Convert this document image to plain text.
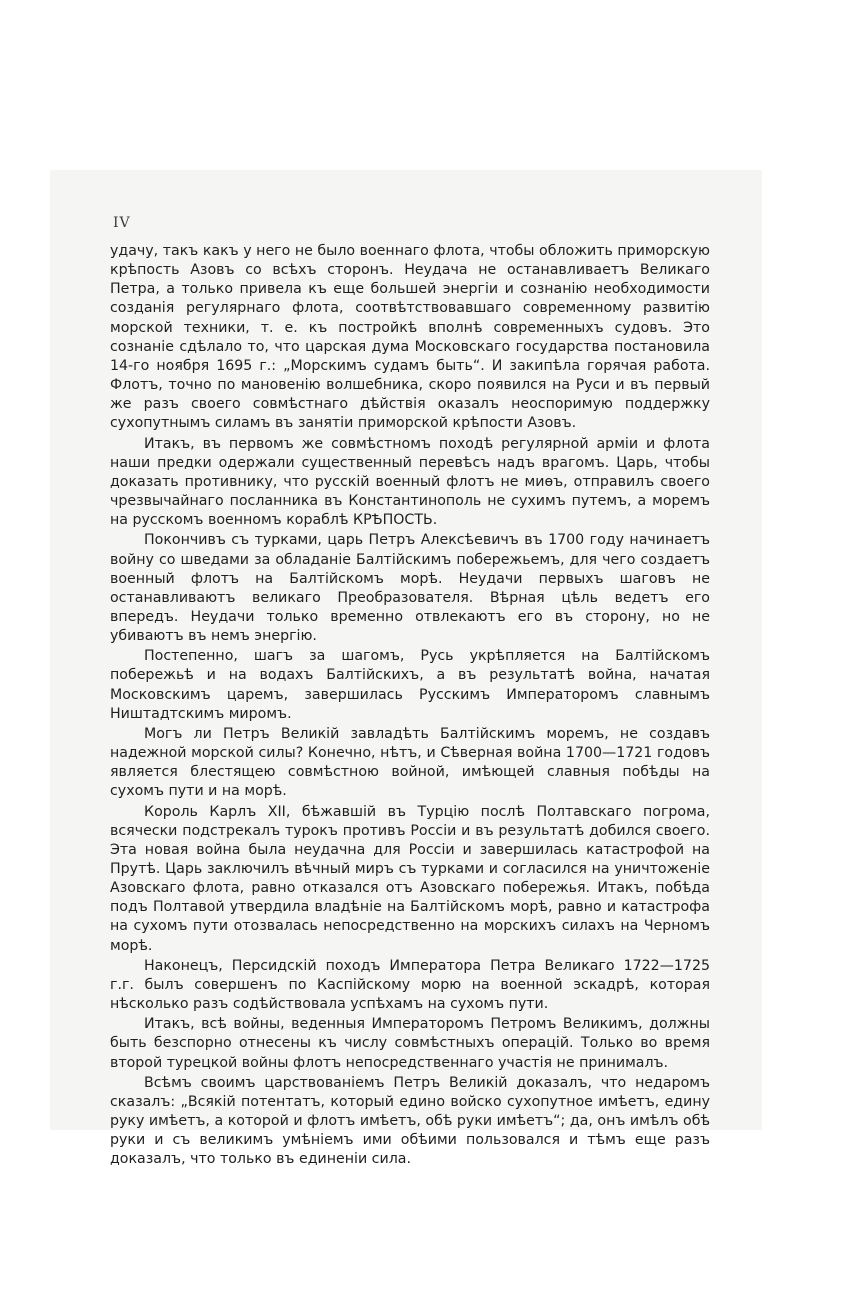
IV

удачу, такъ какъ у него не было военнаго флота, чтобы обложить приморскую крѣпость Азовъ со всѣхъ сторонъ. Неудача не останавливаетъ Великаго Петра, а только привела къ еще большей энергіи и сознанію необходимости созданія регулярнаго флота, соотвѣтствовавшаго современному развитію морской техники, т. е. къ постройкѣ вполнѣ современныхъ судовъ. Это сознаніе сдѣлало то, что царская дума Московскаго государства постановила 14-го ноября 1695 г.: „Морскимъ судамъ быть“. И закипѣла горячая работа. Флотъ, точно по мановенію волшебника, скоро появился на Руси и въ первый же разъ своего совмѣстнаго дѣйствія оказалъ неоспоримую поддержку сухопутнымъ силамъ въ занятіи приморской крѣпости Азовъ.

Итакъ, въ первомъ же совмѣстномъ походѣ регулярной арміи и флота наши предки одержали существенный перевѣсъ надъ врагомъ. Царь, чтобы доказать противнику, что русскій военный флотъ не миѳъ, отправилъ своего чрезвычайнаго посланника въ Константинополь не сухимъ путемъ, а моремъ на русскомъ военномъ кораблѣ КРѢПОСТЬ.

Покончивъ съ турками, царь Петръ Алексѣевичъ въ 1700 году начинаетъ войну со шведами за обладаніе Балтійскимъ побережьемъ, для чего создаетъ военный флотъ на Балтійскомъ морѣ. Неудачи первыхъ шаговъ не останавливаютъ великаго Преобразователя. Вѣрная цѣль ведетъ его впередъ. Неудачи только временно отвлекаютъ его въ сторону, но не убиваютъ въ немъ энергію.

Постепенно, шагъ за шагомъ, Русь укрѣпляется на Балтійскомъ побережьѣ и на водахъ Балтійскихъ, а въ результатѣ война, начатая Московскимъ царемъ, завершилась Русскимъ Императоромъ славнымъ Ништадтскимъ миромъ.

Могъ ли Петръ Великій завладѣть Балтійскимъ моремъ, не создавъ надежной морской силы? Конечно, нѣтъ, и Сѣверная война 1700—1721 годовъ является блестящею совмѣстною войной, имѣющей славныя побѣды на сухомъ пути и на морѣ.

Король Карлъ XII, бѣжавшій въ Турцію послѣ Полтавскаго погрома, всячески подстрекалъ турокъ противъ Россіи и въ результатѣ добился своего. Эта новая война была неудачна для Россіи и завершилась катастрофой на Прутѣ. Царь заключилъ вѣчный миръ съ турками и согласился на уничтоженіе Азовскаго флота, равно отказался отъ Азовскаго побережья. Итакъ, побѣда подъ Полтавой утвердила владѣніе на Балтійскомъ морѣ, равно и катастрофа на сухомъ пути отозвалась непосредственно на морскихъ силахъ на Черномъ морѣ.

Наконецъ, Персидскій походъ Императора Петра Великаго 1722—1725 г.г. былъ совершенъ по Каспійскому морю на военной эскадрѣ, которая нѣсколько разъ содѣйствовала успѣхамъ на сухомъ пути.

Итакъ, всѣ войны, веденныя Императоромъ Петромъ Великимъ, должны быть безспорно отнесены къ числу совмѣстныхъ операцій. Только во время второй турецкой войны флотъ непосредственнаго участія не принималъ.

Всѣмъ своимъ царствованіемъ Петръ Великій доказалъ, что недаромъ сказалъ: „Всякій потентатъ, который едино войско сухопутное имѣетъ, едину руку имѣетъ, а которой и флотъ имѣетъ, обѣ руки имѣетъ“; да, онъ имѣлъ обѣ руки и съ великимъ умѣніемъ ими обѣими пользовался и тѣмъ еще разъ доказалъ, что только въ единеніи сила.
